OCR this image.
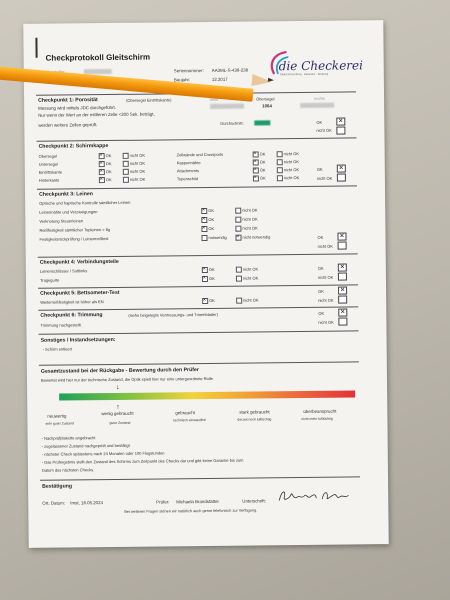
Checkprotokoll Gleitschirm
Seriennummer: AA3ML-S-438-238
Baujahr:	12.2017
die Checkerei
Gleitschirmprüfung · Reparatur · Beratung
Checkpunkt 1: Porosität	(Obersegel Eintrittskante)	links	Obersegel	rechts
Messung wird mittels JDC durchgeführt.	1064
Nur wenn der Wert an der mittleren Zelle <200 Sek. beträgt,
werden weitere Zellen geprüft.	Durchschnitt:	OK	✕
nicht OK
Checkpunkt 2: Schirmkappe
Obersegel
Untersegel
Eintrittskante
Hinterkante
✕OK
✕OK
✕OK
✕OK
nicht OK
nicht OK
nicht OK
nicht OK
Zellwände und Crossports
Kappennähte
Attachments
Typenschild
✕OK
✕OK
✕OK
✕OK
nicht OK
nicht OK
nicht OK
nicht OK
OK	✕
nicht OK
Checkpunkt 3: Leinen
Optische und haptische Kontrolle sämtlicher Leinen.
Leinennähte und Verzweigungen
Verknotung Steuerleinen
Reißfestigkeit sämtlicher Topleinen > 8g
Festigkeitsrückprüfung / Leinenreißtest
✕OK
✕OK
✕OK
notwendig
nicht OK
nicht OK
nicht OK
✕nicht notwendig	OK	✕
nicht OK
Checkpunkt 4: Verbindungsteile
Leinenschlösser / Softlinks
Tragegurte
✕OK
✕OK
nicht OK
nicht OK
OK	✕
nicht OK
Checkpunkt 5: Bettsometer-Test
Weiterreißfestigkeit ist höher als EN
✕	OK	nicht OK
OK	✕
nicht OK
Checkpunkt 6: Trimmung	(siehe beigelegte Vermessungs- und Trimmblatter)
Trimmung nachgestellt
OK	✕
nicht OK
Sonstiges / Instandsetzungen:
- Schirm entleert
Gesamtzustand bei der Rückgabe - Bewertung durch den Prüfer
Bewertet wird hier nur der technische Zustand, die Optik spielt hier nur eine untergeordnete Rolle
↓
↑
neuwertig
sehr guter Zustand
wenig gebraucht
guter Zustand
gebraucht
technisch einwandfrei
stark gebraucht
derzeit noch lufttüchtig
überbeansprucht
nicht mehr lufttüchtig
- Nachprüfplakette angebracht
- zugelassener Zustand nachgeprüft und bestätigt
- nächster Check spätestens nach 24 Monaten oder 100 Flugstunden
- Das Prüfergebnis stellt den Zustand des Schirms zum Zeitpunkt des Checks dar und gibt keine Garantie bis zum
Datum des nächsten Checks.
Bestätigung
Ort, Datum: Imst, 16.05.2024	Prüfer: Michaela Brandstätter	Unterschrift:
Bei weiteren Fragen stehen wir natürlich auch gerne telefonisch zur Verfügung.
